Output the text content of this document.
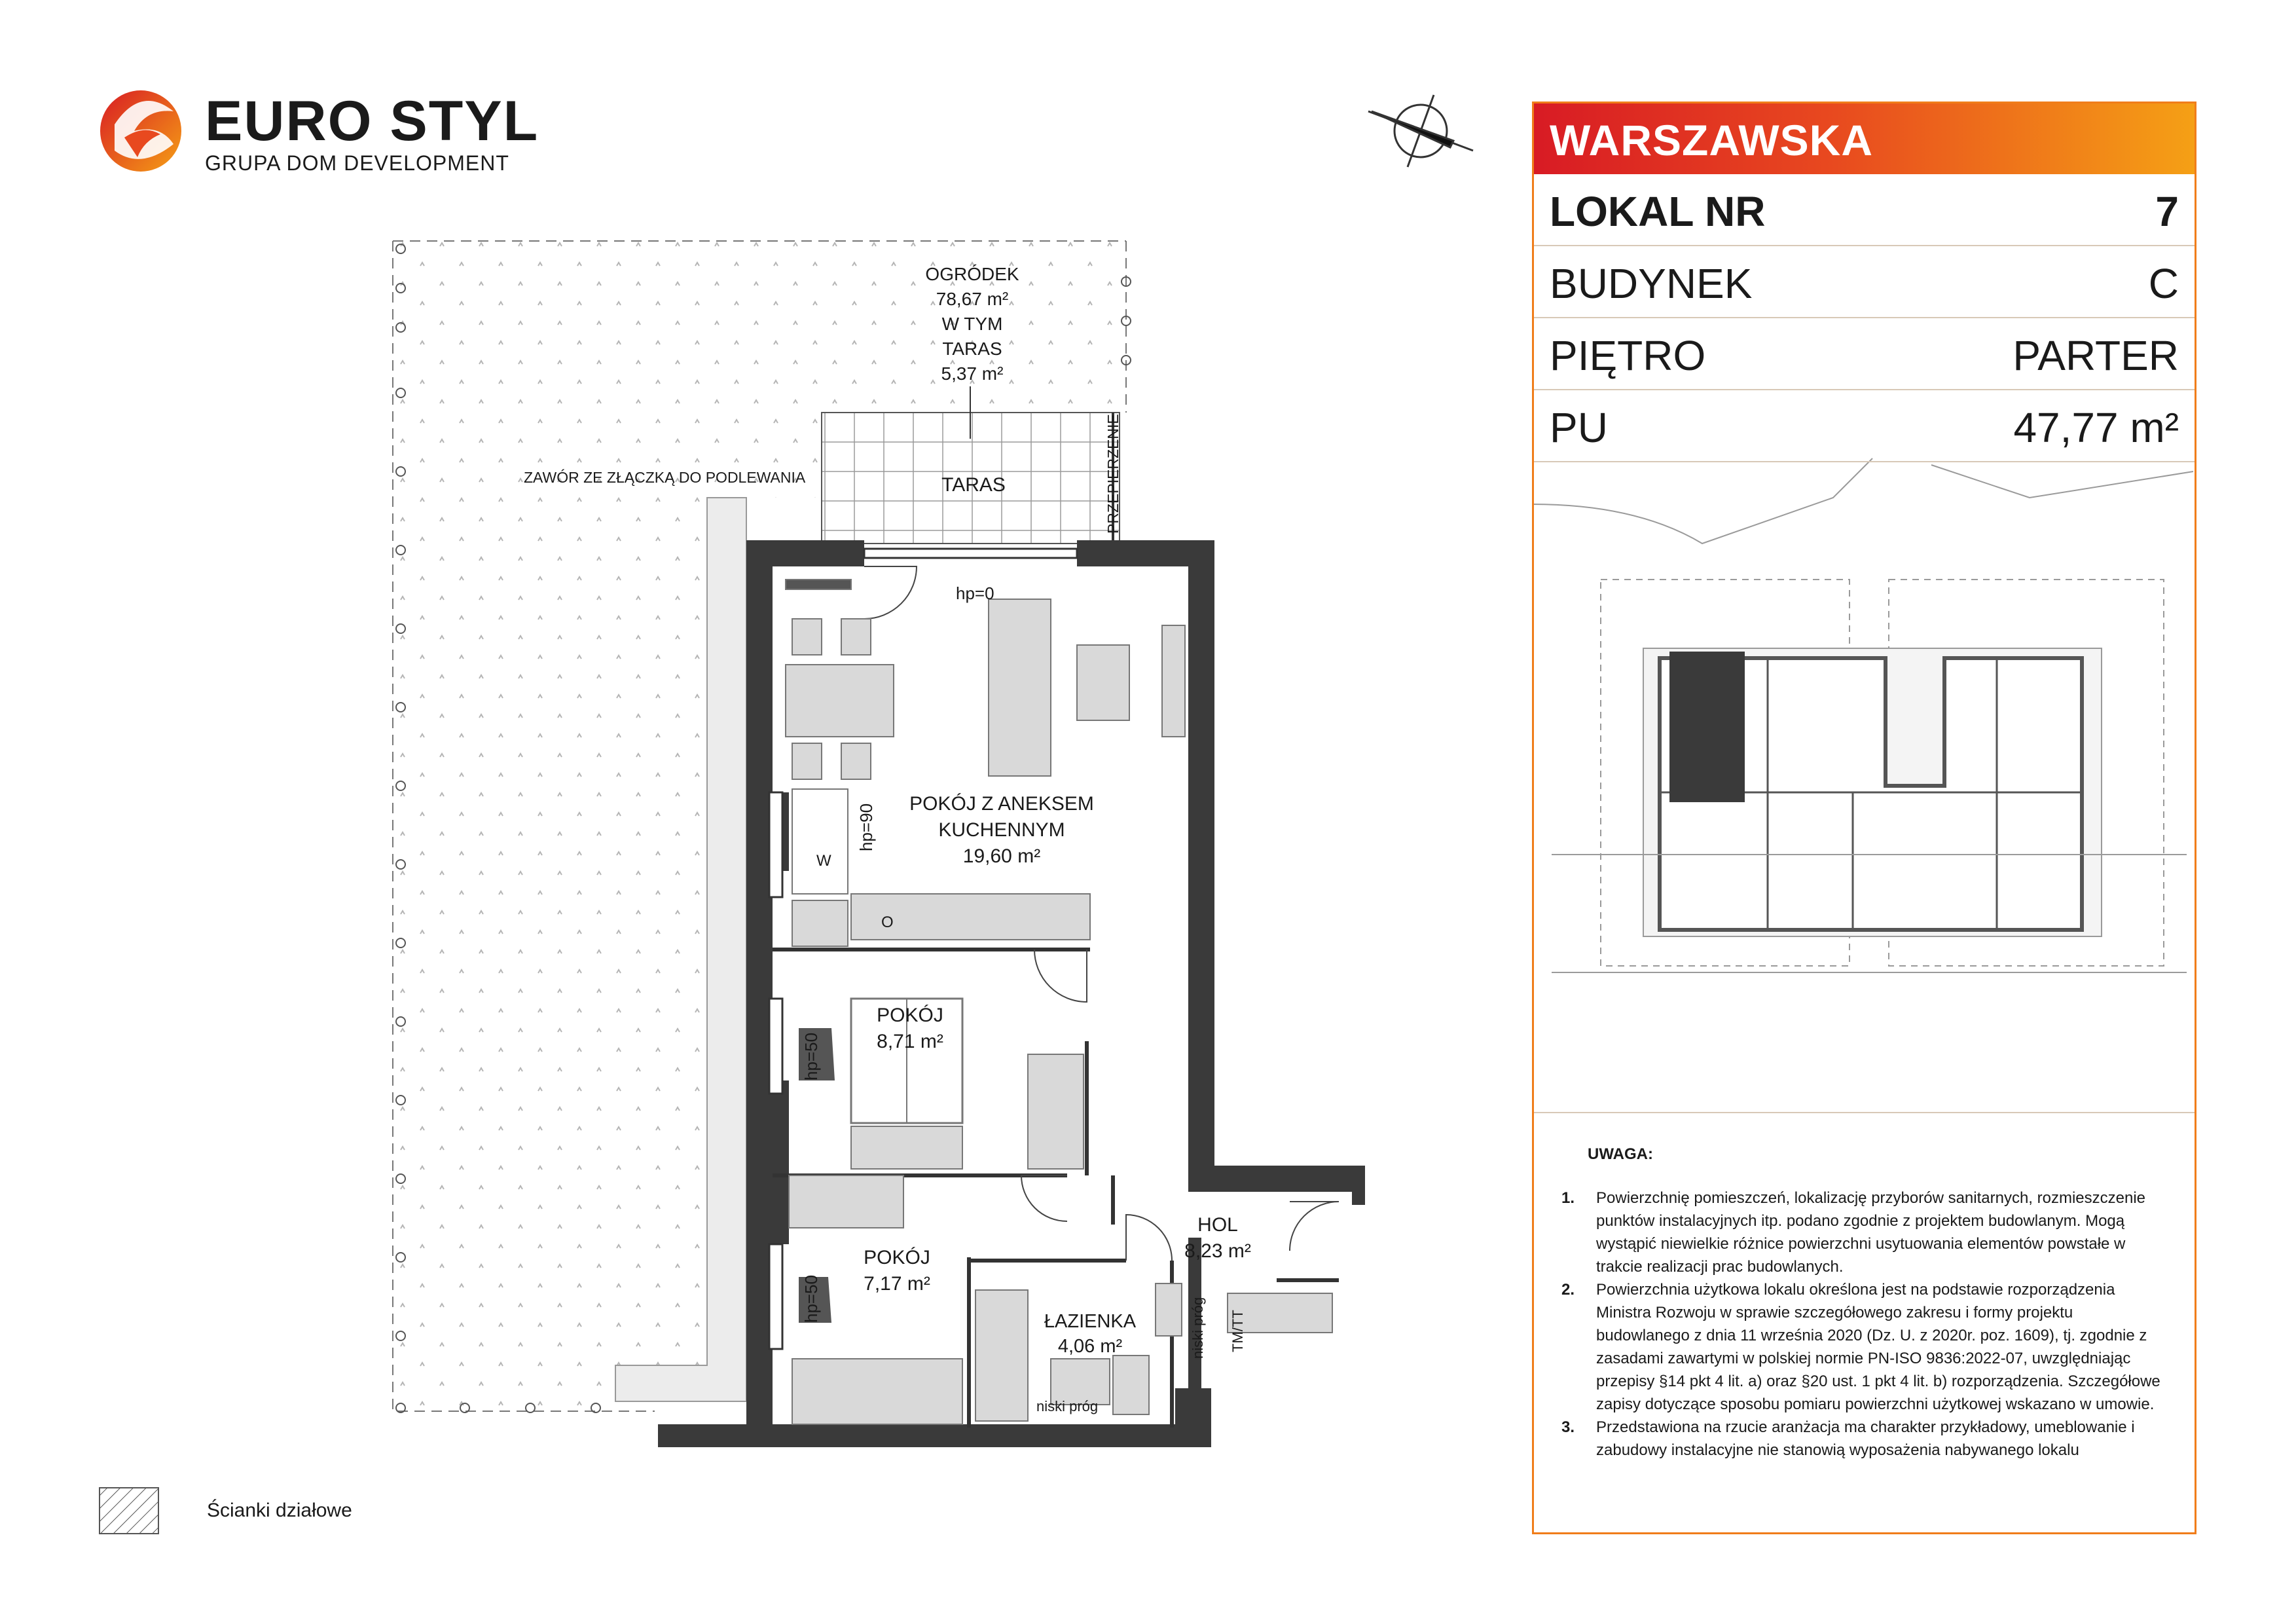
OGRÓDEK
78,67 m²
W TYM
TARAS
5,37 m²
TARAS
ZAWÓR ZE ZŁĄCZKĄ DO PODLEWANIA	PRZEPIERZENIE
POKÓJ Z ANEKSEM
KUCHENNYM
19,60 m²
POKÓJ
8,71 m²
POKÓJ
7,17 m²
HOL
8,23 m²
ŁAZIENKA
4,06 m²
hp=0
hp=90
hp=50
hp=50
W
O
niski próg
niski próg TM/TT
EURO STYL
GRUPA DOM DEVELOPMENT	WARSZAWSKA
LOKAL NR	7
BUDYNEK	C
PIĘTRO	PARTER
PU	47,77 m²
UWAGA:
1. Powierzchnię pomieszczeń, lokalizację przyborów sanitarnych, rozmieszczenie punktów instalacyjnych itp. podano zgodnie z projektem budowlanym. Mogą wystąpić niewielkie różnice powierzchni usytuowania elementów powstałe w trakcie realizacji prac budowlanych.
2. Powierzchnia użytkowa lokalu określona jest na podstawie rozporządzenia Ministra Rozwoju w sprawie szczegółowego zakresu i formy projektu budowlanego z dnia 11 września 2020 (Dz. U. z 2020r. poz. 1609), tj. zgodnie z zasadami zawartymi w polskiej normie PN-ISO 9836:2022-07, uwzględniając przepisy §14 pkt 4 lit. a) oraz §20 ust. 1 pkt 4 lit. b) rozporządzenia. Szczegółowe zapisy dotyczące sposobu pomiaru powierzchni użytkowej wskazano w umowie.
3. Przedstawiona na rzucie aranżacja ma charakter przykładowy, umeblowanie i zabudowy instalacyjne nie stanowią wyposażenia nabywanego lokalu
Ścianki działowe
